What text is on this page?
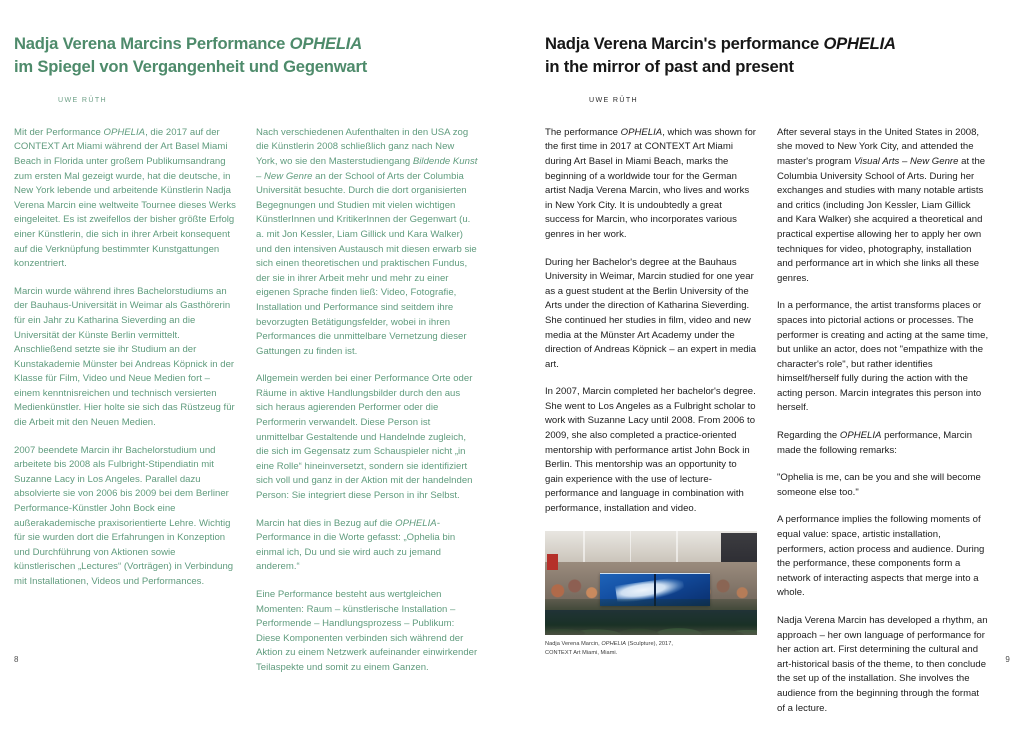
Nadja Verena Marcins Performance OPHELIA
im Spiegel von Vergangenheit und Gegenwart
UWE RÜTH

Mit der Performance OPHELIA, die 2017 auf der CONTEXT Art Miami während der Art Basel Miami Beach in Florida unter großem Publikumsandrang zum ersten Mal gezeigt wurde, hat die deutsche, in New York lebende und arbeitende Künstlerin Nadja Verena Marcin eine weltweite Tournee dieses Werks eingeleitet. Es ist zweifellos der bisher größte Erfolg einer Künstlerin, die sich in ihrer Arbeit konsequent auf die Verknüpfung bestimmter Kunstgattungen konzentriert.

Marcin wurde während ihres Bachelorstudiums an der Bauhaus-Universität in Weimar als Gasthörerin für ein Jahr zu Katharina Sieverding an die Universität der Künste Berlin vermittelt. Anschließend setzte sie ihr Studium an der Kunstakademie Münster bei Andreas Köpnick in der Klasse für Film, Video und Neue Medien fort – einem kenntnisreichen und technisch versierten Medienkünstler. Hier holte sie sich das Rüstzeug für die Arbeit mit den Neuen Medien.

2007 beendete Marcin ihr Bachelorstudium und arbeitete bis 2008 als Fulbright-Stipendiatin mit Suzanne Lacy in Los Angeles. Parallel dazu absolvierte sie von 2006 bis 2009 bei dem Berliner Performance-Künstler John Bock eine außerakademische praxisorientierte Lehre. Wichtig für sie wurden dort die Erfahrungen in Konzeption und Durchführung von Aktionen sowie künstlerischen „Lectures“ (Vorträgen) in Verbindung mit Installationen, Videos und Performances.

Nach verschiedenen Aufenthalten in den USA zog die Künstlerin 2008 schließlich ganz nach New York, wo sie den Masterstudiengang Bildende Kunst – New Genre an der School of Arts der Columbia Universität besuchte. Durch die dort organisierten Begegnungen und Studien mit vielen wichtigen KünstlerInnen und KritikerInnen der Gegenwart (u. a. mit Jon Kessler, Liam Gillick und Kara Walker) und den intensiven Austausch mit diesen erwarb sie sich einen theoretischen und praktischen Fundus, der sie in ihrer Arbeit mehr und mehr zu einer eigenen Sprache finden ließ: Video, Fotografie, Installation und Performance sind seitdem ihre bevorzugten Betätigungsfelder, wobei in ihren Performances die unmittelbare Vernetzung dieser Gattungen zu finden ist.

Allgemein werden bei einer Performance Orte oder Räume in aktive Handlungsbilder durch den aus sich heraus agierenden Performer oder die Performerin verwandelt. Diese Person ist unmittelbar Gestaltende und Handelnde zugleich, die sich im Gegensatz zum Schauspieler nicht „in eine Rolle“ hineinversetzt, sondern sie identifiziert sich voll und ganz in der Aktion mit der handelnden Person: Sie integriert diese Person in ihr Selbst.

Marcin hat dies in Bezug auf die OPHELIA-Performance in die Worte gefasst: „Ophelia bin einmal ich, Du und sie wird auch zu jemand anderem.“

Eine Performance besteht aus wertgleichen Momenten: Raum – künstlerische Installation – Performende – Handlungsprozess – Publikum: Diese Komponenten verbinden sich während der Aktion zu einem Netzwerk aufeinander einwirkender Teilaspekte und somit zu einem Ganzen.

8
Nadja Verena Marcin's performance OPHELIA
in the mirror of past and present
UWE RÜTH

The performance OPHELIA, which was shown for the first time in 2017 at CONTEXT Art Miami during Art Basel in Miami Beach, marks the beginning of a worldwide tour for the German artist Nadja Verena Marcin, who lives and works in New York City. It is undoubtedly a great success for Marcin, who incorporates various genres in her work.

During her Bachelor's degree at the Bauhaus University in Weimar, Marcin studied for one year as a guest student at the Berlin University of the Arts under the direction of Katharina Sieverding. She continued her studies in film, video and new media at the Münster Art Academy under the direction of Andreas Köpnick – an expert in media art.

In 2007, Marcin completed her bachelor's degree. She went to Los Angeles as a Fulbright scholar to work with Suzanne Lacy until 2008. From 2006 to 2009, she also completed a practice-oriented mentorship with performance artist John Bock in Berlin. This mentorship was an opportunity to gain experience with the use of lecture-performance and language in combination with performance, installation and video.

Nadja Verena Marcin, OPHELIA (Sculpture), 2017,
CONTEXT Art Miami, Miami.

After several stays in the United States in 2008, she moved to New York City, and attended the master's program Visual Arts – New Genre at the Columbia University School of Arts. During her exchanges and studies with many notable artists and critics (including Jon Kessler, Liam Gillick and Kara Walker) she acquired a theoretical and practical expertise allowing her to apply her own techniques for video, photography, installation and performance art in which she links all these genres.

In a performance, the artist transforms places or spaces into pictorial actions or processes. The performer is creating and acting at the same time, but unlike an actor, does not "empathize with the character's role", but rather identifies himself/herself fully during the action with the acting person. Marcin integrates this person into herself.

Regarding the OPHELIA performance, Marcin made the following remarks:

"Ophelia is me, can be you and she will become someone else too."

A performance implies the following moments of equal value: space, artistic installation, performers, action process and audience. During the performance, these components form a network of interacting aspects that merge into a whole.

Nadja Verena Marcin has developed a rhythm, an approach – her own language of performance for her action art. First determining the cultural and art-historical basis of the theme, to then conclude the set up of the installation. She involves the audience from the beginning through the format of a lecture.

9
